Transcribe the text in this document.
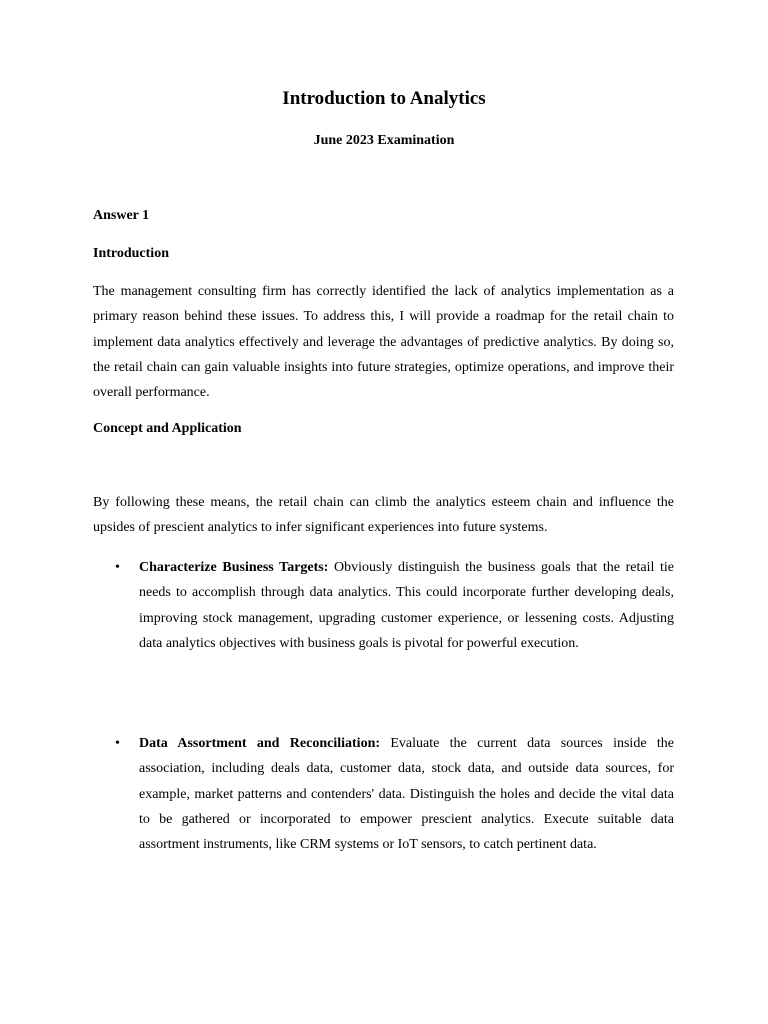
Introduction to Analytics
June 2023 Examination
Answer 1
Introduction

The management consulting firm has correctly identified the lack of analytics implementation as a primary reason behind these issues. To address this, I will provide a roadmap for the retail chain to implement data analytics effectively and leverage the advantages of predictive analytics. By doing so, the retail chain can gain valuable insights into future strategies, optimize operations, and improve their overall performance.

Concept and Application

By following these means, the retail chain can climb the analytics esteem chain and influence the upsides of prescient analytics to infer significant experiences into future systems.

• Characterize Business Targets: Obviously distinguish the business goals that the retail tie needs to accomplish through data analytics. This could incorporate further developing deals, improving stock management, upgrading customer experience, or lessening costs. Adjusting data analytics objectives with business goals is pivotal for powerful execution.
• Data Assortment and Reconciliation: Evaluate the current data sources inside the association, including deals data, customer data, stock data, and outside data sources, for example, market patterns and contenders' data. Distinguish the holes and decide the vital data to be gathered or incorporated to empower prescient analytics. Execute suitable data assortment instruments, like CRM systems or IoT sensors, to catch pertinent data.
